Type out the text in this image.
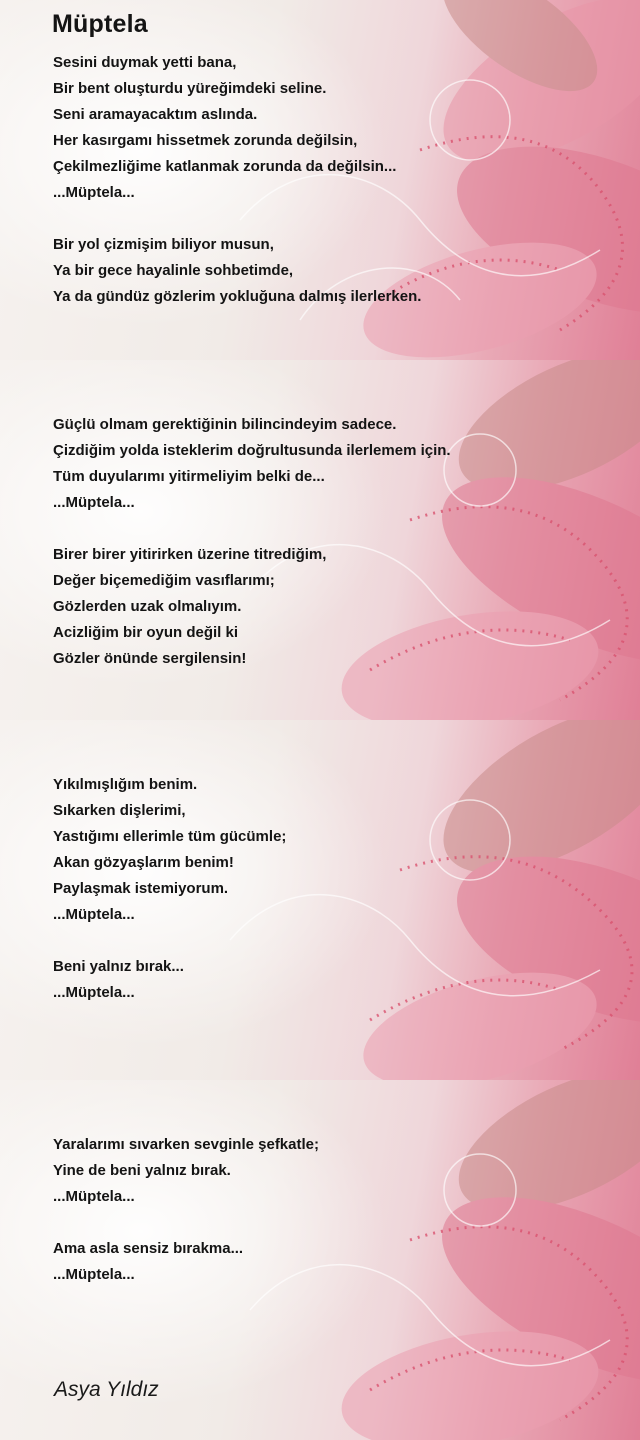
Müptela
Sesini duymak yetti bana,
Bir bent oluşturdu yüreğimdeki seline.
Seni aramayacaktım aslında.
Her kasırgamı hissetmek zorunda değilsin,
Çekilmezliğime katlanmak zorunda da değilsin...
...Müptela...
Bir yol çizmişim biliyor musun,
Ya bir gece hayalinle sohbetimde,
Ya da gündüz gözlerim yokluğuna dalmış ilerlerken.
Güçlü olmam gerektiğinin bilincindeyim sadece.
Çizdiğim yolda isteklerim doğrultusunda ilerlemem için.
Tüm duyularımı yitirmeliyim belki de...
...Müptela...
Birer birer yitirirken üzerine titrediğim,
Değer biçemediğim vasıflarımı;
Gözlerden uzak olmalıyım.
Acizliğim bir oyun değil ki
Gözler önünde sergilensin!
Yıkılmışlığım benim.
Sıkarken dişlerimi,
Yastığımı ellerimle tüm gücümle;
Akan gözyaşlarım benim!
Paylaşmak istemiyorum.
...Müptela...
Beni yalnız bırak...
...Müptela...
Yaralarımı sıvarken sevginle şefkatle;
Yine de beni yalnız bırak.
...Müptela...
Ama asla sensiz bırakma...
...Müptela...

Asya Yıldız
